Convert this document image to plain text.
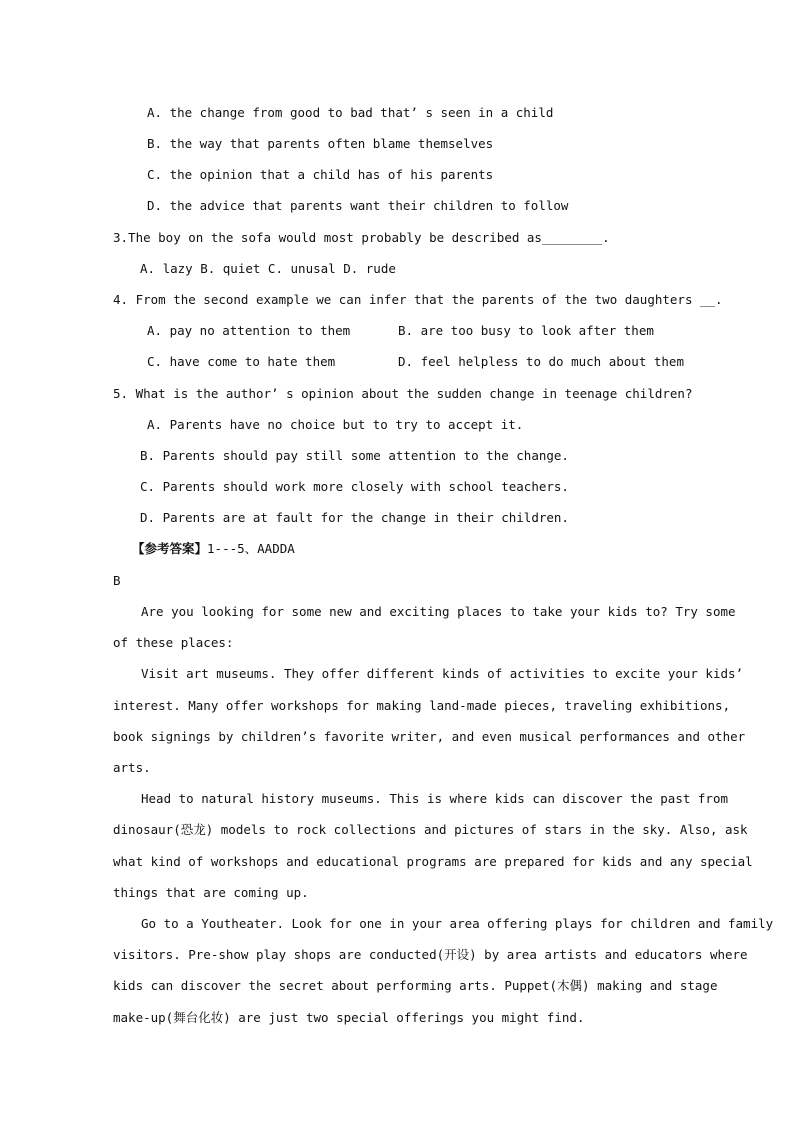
A. the change from good to bad that’ s seen in a child
B. the way that parents often blame themselves
C. the opinion that a child has of his parents
D. the advice that parents want their children to follow
3.The boy on the sofa would most probably be described as________.
A. lazy B. quiet C. unusal D. rude
4. From the second example we can infer that the parents of the two daughters __.
A. pay no attention to them	B. are too busy to look after them
C. have come to hate them	D. feel helpless to do much about them
5. What is the author’ s opinion about the sudden change in teenage children?
A. Parents have no choice but to try to accept it.
B. Parents should pay still some attention to the change.
C. Parents should work more closely with school teachers.
D. Parents are at fault for the change in their children.
【参考答案】1---5、AADDA
B
Are you looking for some new and exciting places to take your kids to? Try some
of these places:
Visit art museums. They offer different kinds of activities to excite your kids’
interest. Many offer workshops for making land-made pieces, traveling exhibitions,
book signings by children’s favorite writer, and even musical performances and other
arts.
Head to natural history museums. This is where kids can discover the past from
dinosaur(恐龙) models to rock collections and pictures of stars in the sky. Also, ask
what kind of workshops and educational programs are prepared for kids and any special
things that are coming up.
Go to a Youtheater. Look for one in your area offering plays for children and family
visitors. Pre-show play shops are conducted(开设) by area artists and educators where
kids can discover the secret about performing arts. Puppet(木偶) making and stage
make-up(舞台化妆) are just two special offerings you might find.
